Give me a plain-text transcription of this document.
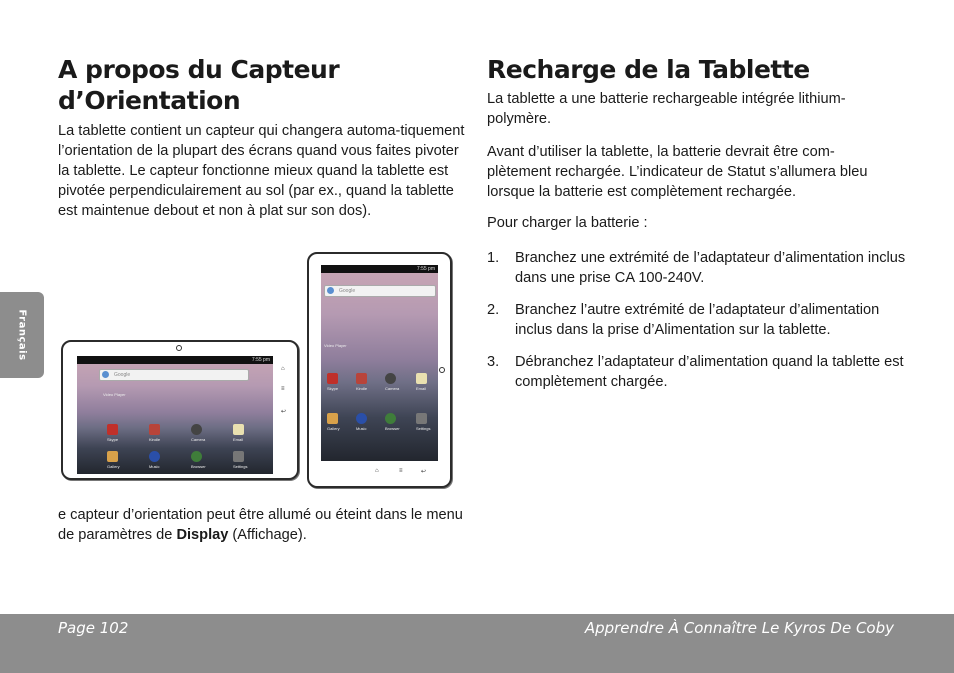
Français
A propos du Capteur d’Orientation

La tablette contient un capteur qui changera automa-tiquement l’orientation de la plupart des écrans quand vous faites pivoter la tablette. Le capteur fonctionne mieux quand la tablette est pivotée perpendiculairement au sol (par ex., quand la tablette est maintenue debout et non à plat sur son dos).

7:55 pm
Google
Video Player
Skype	Kindle	Camera	Email
Gallery	Music	Browser	Settings
⌂
≡
↩
7:55 pm
Google
Video Player
Skype	Kindle	Camera	Email
Gallery	Music	Browser	Settings
⌂	≡	↩

e capteur d’orientation peut être allumé ou éteint dans le menu de paramètres de Display (Affichage).

Recharge de la Tablette

La tablette a une batterie rechargeable intégrée lithium-polymère.

Avant d’utiliser la tablette, la batterie devrait être com-plètement rechargée. L’indicateur de Statut s’allumera bleu lorsque la batterie est complètement rechargée.

Pour charger la batterie :

1. Branchez une extrémité de l’adaptateur d’alimentation inclus dans une prise CA 100-240V.
2. Branchez l’autre extrémité de l’adaptateur d’alimentation inclus dans la prise d’Alimentation sur la tablette.
3. Débranchez l’adaptateur d’alimentation quand la tablette est complètement chargée.
Page 102	Apprendre À Connaître Le Kyros De Coby
